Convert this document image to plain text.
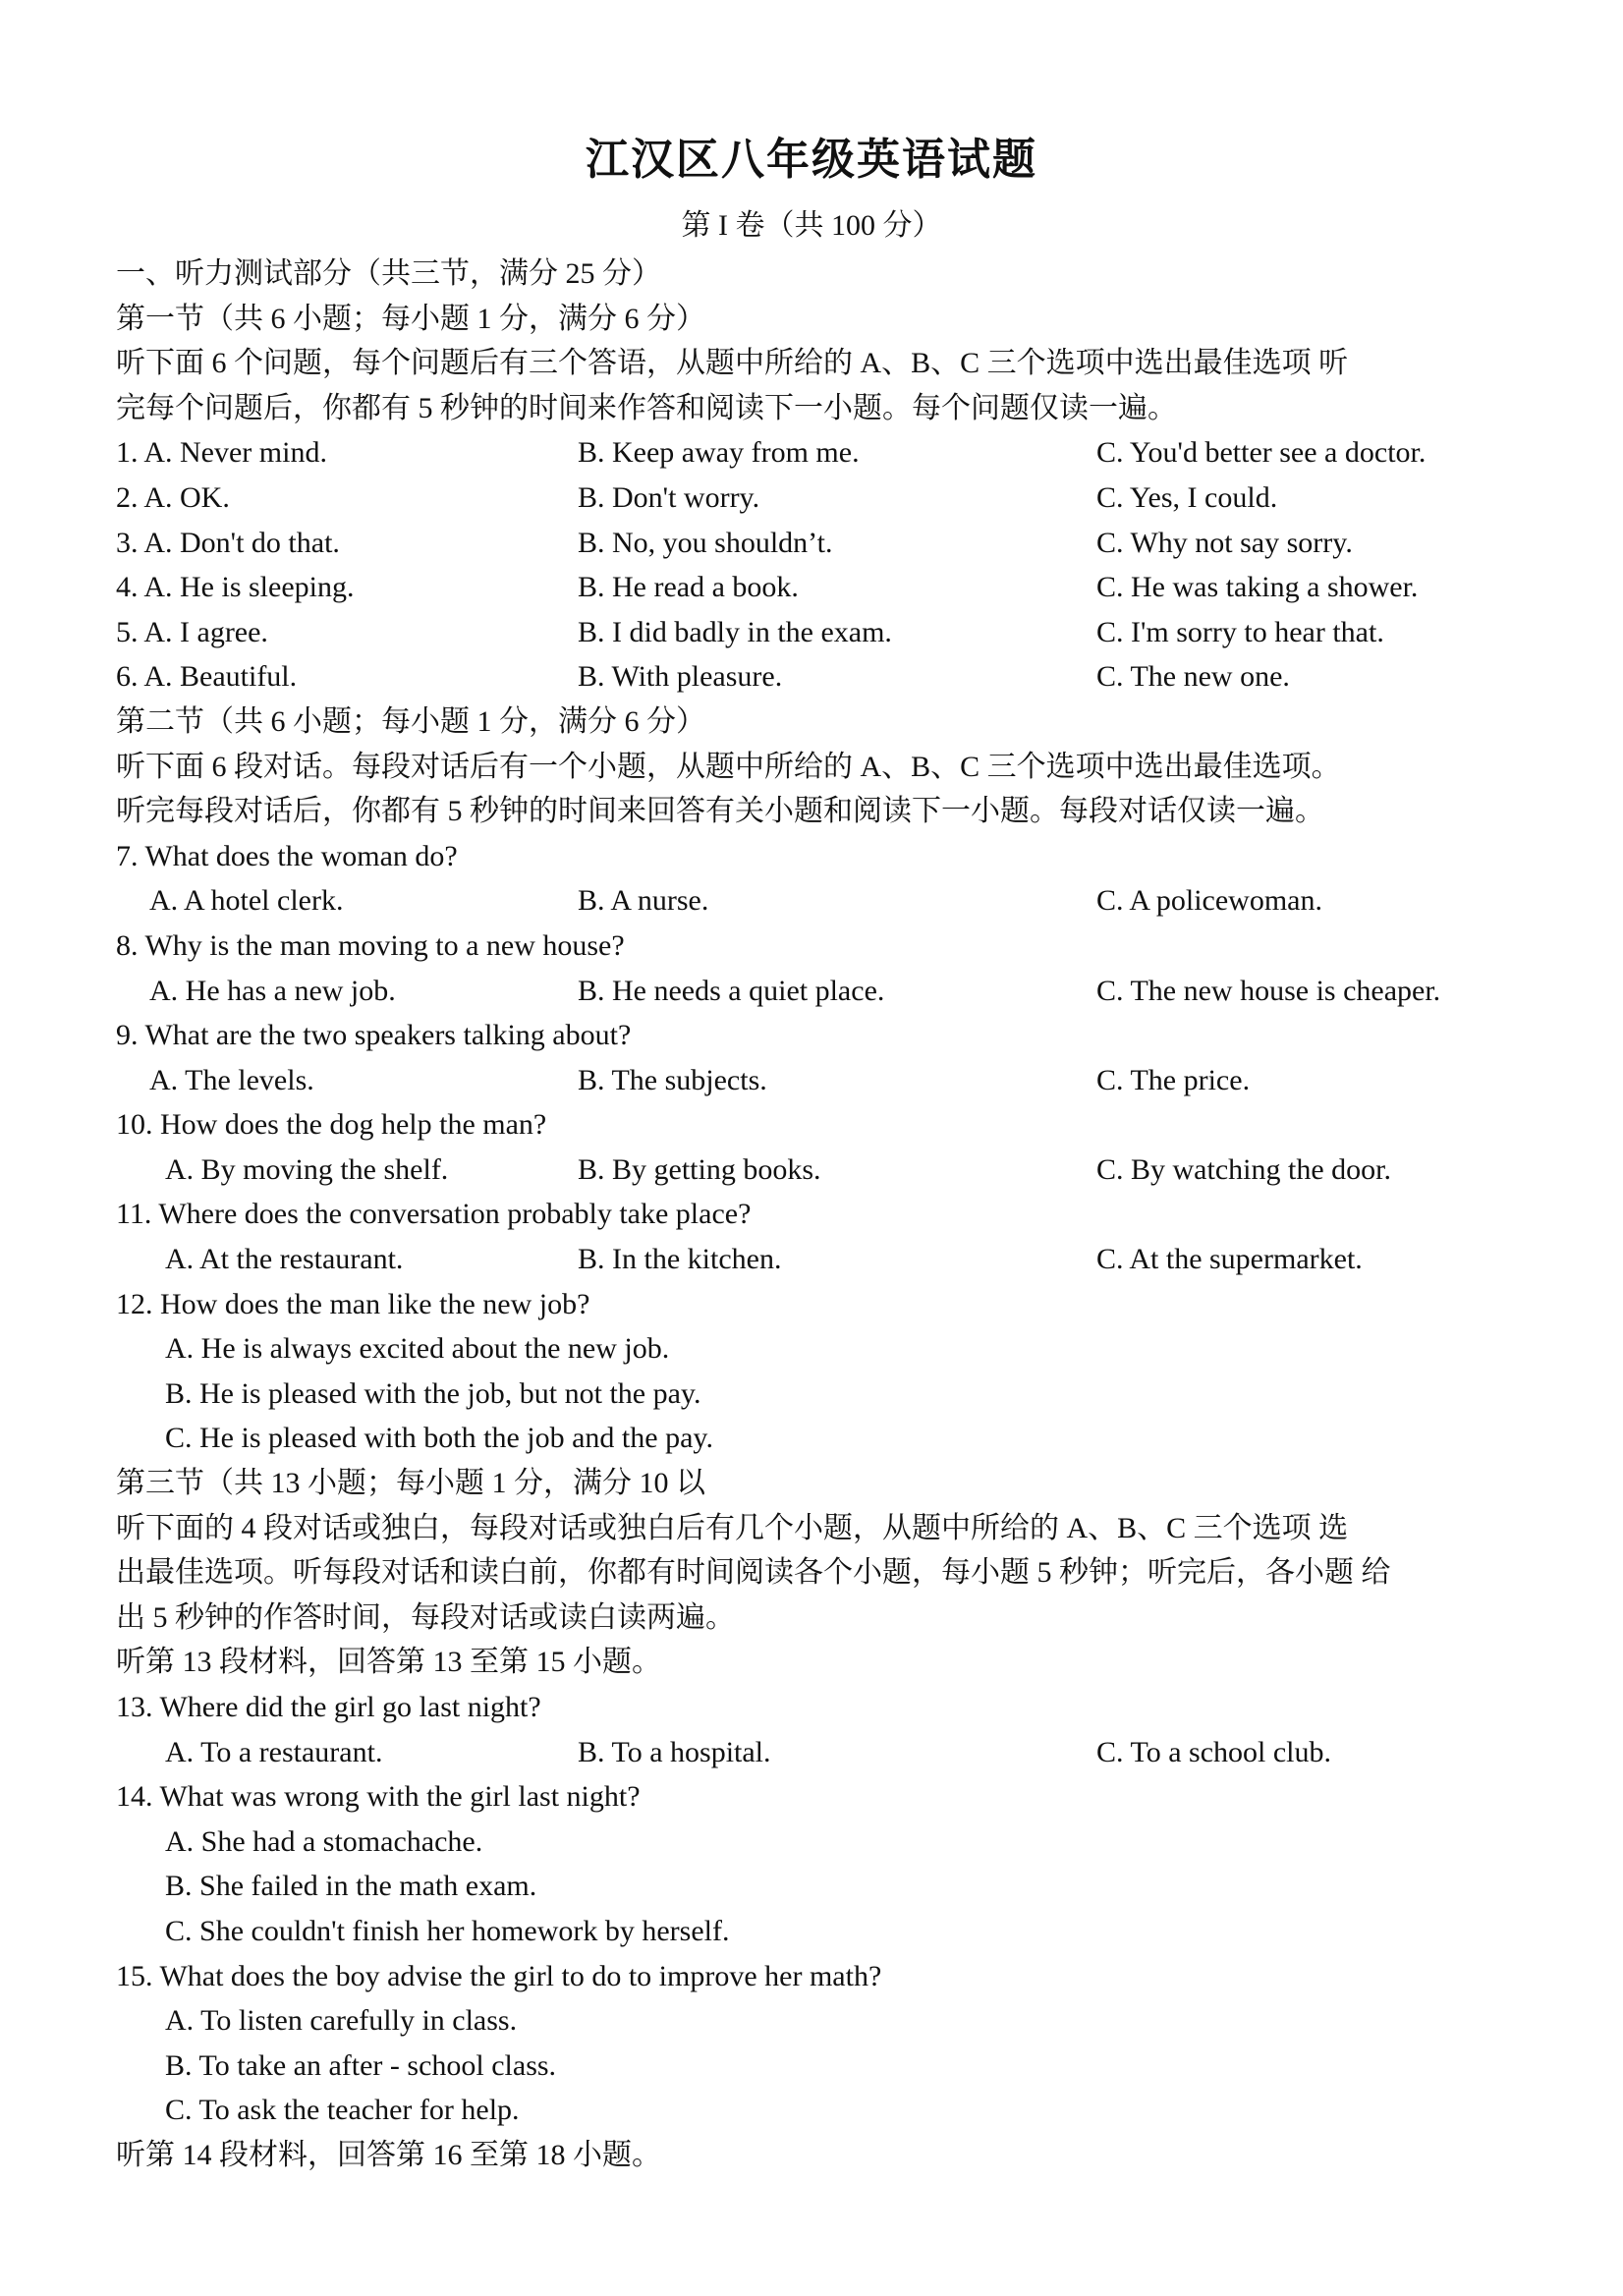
江汉区八年级英语试题
第 I 卷（共 100 分）
一、听力测试部分（共三节，满分 25 分）
第一节（共 6 小题；每小题 1 分，满分 6 分）
听下面 6 个问题，每个问题后有三个答语，从题中所给的 A、B、C 三个选项中选出最佳选项 听
完每个问题后，你都有 5 秒钟的时间来作答和阅读下一小题。每个问题仅读一遍。
1. A. Never mind.	B. Keep away from me.	C. You'd better see a doctor.
2. A. OK.	B. Don't worry.	C. Yes, I could.
3. A. Don't do that.	B. No, you shouldn’t.	C. Why not say sorry.
4. A. He is sleeping.	B. He read a book.	C. He was taking a shower.
5. A. I agree.	B. I did badly in the exam.	C. I'm sorry to hear that.
6. A. Beautiful.	B. With pleasure.	C. The new one.
第二节（共 6 小题；每小题 1 分，满分 6 分）
听下面 6 段对话。每段对话后有一个小题，从题中所给的 A、B、C 三个选项中选出最佳选项。
听完每段对话后，你都有 5 秒钟的时间来回答有关小题和阅读下一小题。每段对话仅读一遍。
7. What does the woman do?
A. A hotel clerk.	B. A nurse.	C. A policewoman.
8. Why is the man moving to a new house?
A. He has a new job.	B. He needs a quiet place.	C. The new house is cheaper.
9. What are the two speakers talking about?
A. The levels.	B. The subjects.	C. The price.
10. How does the dog help the man?
A. By moving the shelf.	B. By getting books.	C. By watching the door.
11. Where does the conversation probably take place?
A. At the restaurant.	B. In the kitchen.	C. At the supermarket.
12. How does the man like the new job?
A. He is always excited about the new job.
B. He is pleased with the job, but not the pay.
C. He is pleased with both the job and the pay.
第三节（共 13 小题；每小题 1 分，满分 10 以
听下面的 4 段对话或独白，每段对话或独白后有几个小题，从题中所给的 A、B、C 三个选项 选
出最佳选项。听每段对话和读白前，你都有时间阅读各个小题，每小题 5 秒钟；听完后，各小题 给
出 5 秒钟的作答时间，每段对话或读白读两遍。
听第 13 段材料，回答第 13 至第 15 小题。
13. Where did the girl go last night?
A. To a restaurant.	B. To a hospital.	C. To a school club.
14. What was wrong with the girl last night?
A. She had a stomachache.
B. She failed in the math exam.
C. She couldn't finish her homework by herself.
15. What does the boy advise the girl to do to improve her math?
A. To listen carefully in class.
B. To take an after - school class.
C. To ask the teacher for help.
听第 14 段材料，回答第 16 至第 18 小题。
